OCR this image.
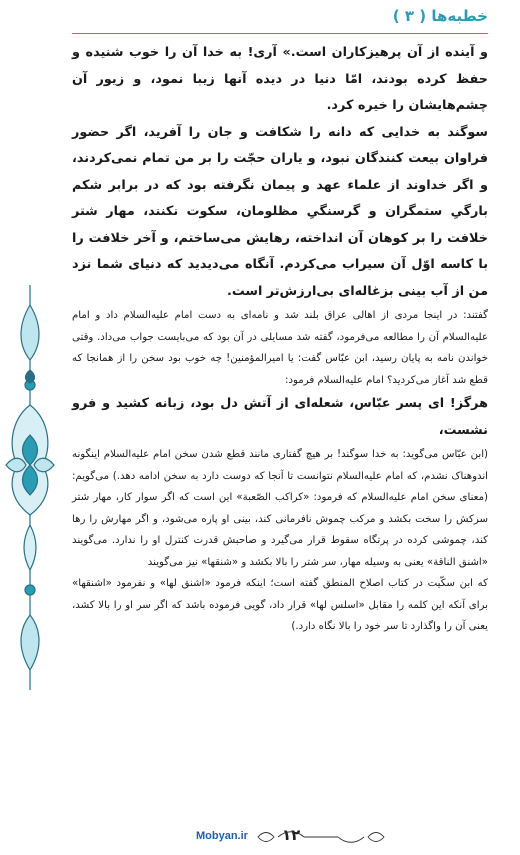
خطبه‌ها ( ۳ )

و آینده از آن پرهیزکاران است.» آری! به خدا آن را خوب شنیده و حفظ کرده بودند، امّا دنیا در دیده آنها زیبا نمود، و زیور آن چشم‌هایشان را خیره کرد.

سوگند به خدایی که دانه را شکافت و جان را آفرید، اگر حضور فراوان بیعت کنندگان نبود، و یاران حجّت را بر من تمام نمی‌کردند، و اگر خداوند از علماء عهد و پیمان نگرفته بود که در برابر شکم بارگیِ ستمگران و گرسنگیِ مظلومان، سکوت نکنند، مهار شتر خلافت را بر کوهان آن انداخته، رهایش می‌ساختم، و آخر خلافت را با کاسه اوّل آن سیراب می‌کردم. آنگاه می‌دیدید که دنیای شما نزد من از آب بینی بزغاله‌ای بی‌ارزش‌تر است.

گفتند: در اینجا مردی از اهالی عراق بلند شد و نامه‌ای به دست امام علیه‌السلام داد و امام علیه‌السلام آن را مطالعه می‌فرمود، گفته شد مسایلی در آن بود که می‌بایست جواب می‌داد. وقتی خواندن نامه به پایان رسید، ابن عبّاس گفت: یا امیرالمؤمنین! چه خوب بود سخن را از همانجا که قطع شد آغاز می‌کردید؟ امام علیه‌السلام فرمود:

هرگز! ای پسر عبّاس، شعله‌ای از آتش دل بود، زبانه کشید و فرو نشست،

(ابن عبّاس می‌گوید: به خدا سوگند! بر هیچ گفتاری مانند قطع شدن سخن امام علیه‌السلام اینگونه اندوهناک نشدم، که امام علیه‌السلام نتوانست تا آنجا که دوست دارد به سخن ادامه دهد.) می‌گویم: (معنای سخن امام علیه‌السلام که فرمود: «کراکب الصّعبة» این است که اگر سوار کار، مهار شتر سرکش را سخت بکشد و مرکب چموش نافرمانی کند، بینی او پاره می‌شود، و اگر مهارش را رها کند، چموشی کرده در پرتگاه سقوط قرار می‌گیرد و صاحبش قدرت کنترل او را ندارد. می‌گویند «اشنق الناقة» یعنی به وسیله مهار، سر شتر را بالا بکشد و «شنقها» نیز می‌گویند

که ابن سکّیت در کتاب اصلاح المنطق گفته است؛ اینکه فرمود «اشنق لها» و نفرمود «اشنقها» برای آنکه این کلمه را مقابل «اسلس لها» قرار داد، گویی فرموده باشد که اگر سر او را بالا کشد، یعنی آن را واگذارد تا سر خود را بالا نگاه دارد.)

Mobyan.ir ۱۲
